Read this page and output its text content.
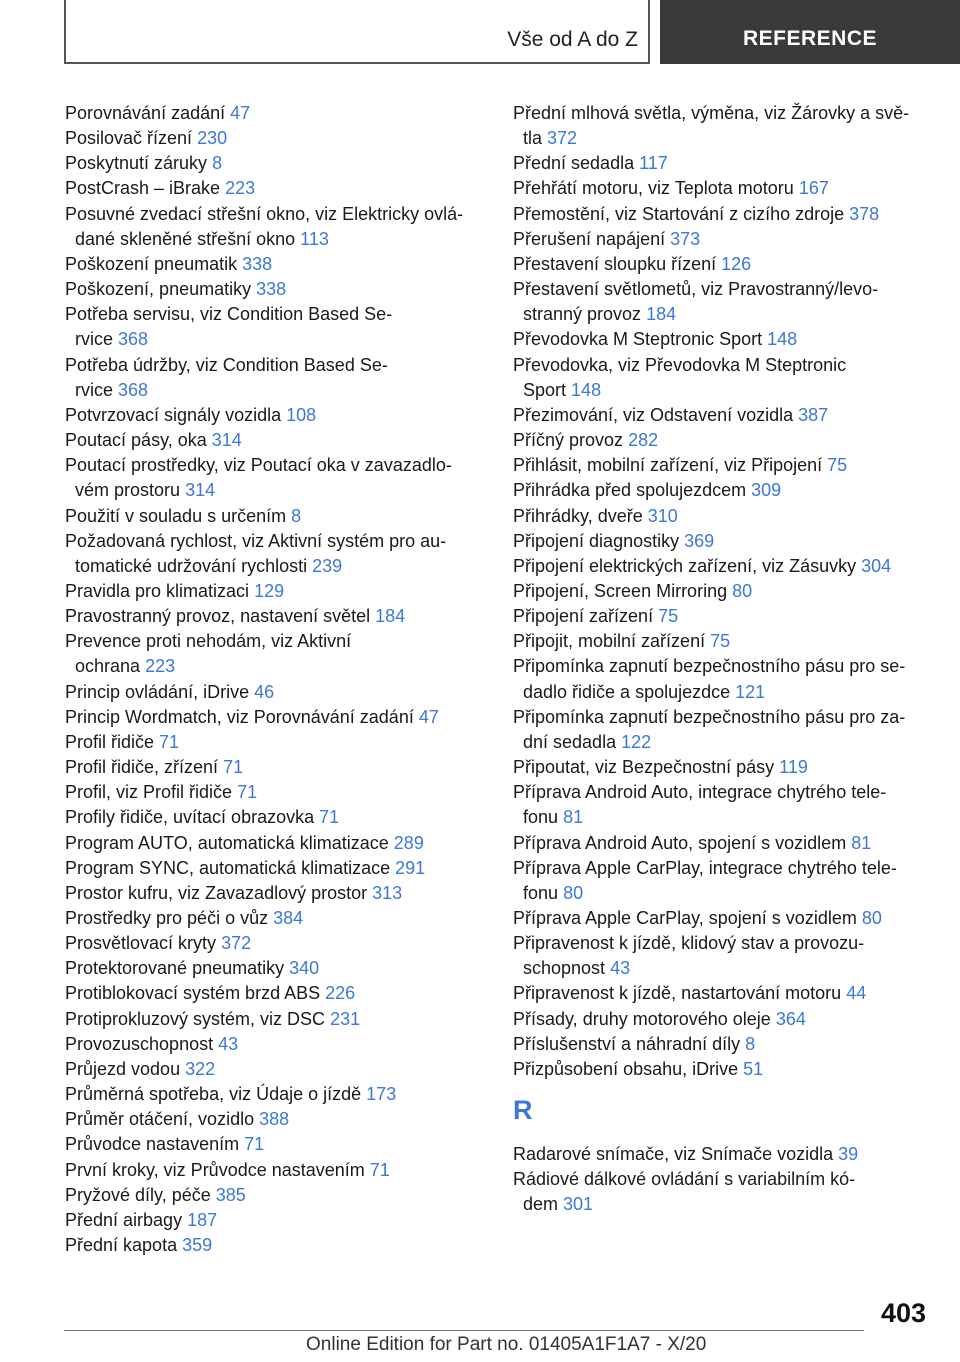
Vše od A do Z	REFERENCE
Porovnávání zadání 47
Posilovač řízení 230
Poskytnutí záruky 8
PostCrash – iBrake 223
Posuvné zvedací střešní okno, viz Elektricky ovlá-
dané skleněné střešní okno 113
Poškození pneumatik 338
Poškození, pneumatiky 338
Potřeba servisu, viz Condition Based Se-
rvice 368
Potřeba údržby, viz Condition Based Se-
rvice 368
Potvrzovací signály vozidla 108
Poutací pásy, oka 314
Poutací prostředky, viz Poutací oka v zavazadlo-
vém prostoru 314
Použití v souladu s určením 8
Požadovaná rychlost, viz Aktivní systém pro au-
tomatické udržování rychlosti 239
Pravidla pro klimatizaci 129
Pravostranný provoz, nastavení světel 184
Prevence proti nehodám, viz Aktivní
ochrana 223
Princip ovládání, iDrive 46
Princip Wordmatch, viz Porovnávání zadání 47
Profil řidiče 71
Profil řidiče, zřízení 71
Profil, viz Profil řidiče 71
Profily řidiče, uvítací obrazovka 71
Program AUTO, automatická klimatizace 289
Program SYNC, automatická klimatizace 291
Prostor kufru, viz Zavazadlový prostor 313
Prostředky pro péči o vůz 384
Prosvětlovací kryty 372
Protektorované pneumatiky 340
Protiblokovací systém brzd ABS 226
Protiprokluzový systém, viz DSC 231
Provozuschopnost 43
Průjezd vodou 322
Průměrná spotřeba, viz Údaje o jízdě 173
Průměr otáčení, vozidlo 388
Průvodce nastavením 71
První kroky, viz Průvodce nastavením 71
Pryžové díly, péče 385
Přední airbagy 187
Přední kapota 359
Přední mlhová světla, výměna, viz Žárovky a svě-
tla 372
Přední sedadla 117
Přehřátí motoru, viz Teplota motoru 167
Přemostění, viz Startování z cizího zdroje 378
Přerušení napájení 373
Přestavení sloupku řízení 126
Přestavení světlometů, viz Pravostranný/levo-
stranný provoz 184
Převodovka M Steptronic Sport 148
Převodovka, viz Převodovka M Steptronic
Sport 148
Přezimování, viz Odstavení vozidla 387
Příčný provoz 282
Přihlásit, mobilní zařízení, viz Připojení 75
Přihrádka před spolujezdcem 309
Přihrádky, dveře 310
Připojení diagnostiky 369
Připojení elektrických zařízení, viz Zásuvky 304
Připojení, Screen Mirroring 80
Připojení zařízení 75
Připojit, mobilní zařízení 75
Připomínka zapnutí bezpečnostního pásu pro se-
dadlo řidiče a spolujezdce 121
Připomínka zapnutí bezpečnostního pásu pro za-
dní sedadla 122
Připoutat, viz Bezpečnostní pásy 119
Příprava Android Auto, integrace chytrého tele-
fonu 81
Příprava Android Auto, spojení s vozidlem 81
Příprava Apple CarPlay, integrace chytrého tele-
fonu 80
Příprava Apple CarPlay, spojení s vozidlem 80
Připravenost k jízdě, klidový stav a provozu-
schopnost 43
Připravenost k jízdě, nastartování motoru 44
Přísady, druhy motorového oleje 364
Příslušenství a náhradní díly 8
Přizpůsobení obsahu, iDrive 51
R
Radarové snímače, viz Snímače vozidla 39
Rádiové dálkové ovládání s variabilním kó-
dem 301
403
Online Edition for Part no. 01405A1F1A7 - X/20
